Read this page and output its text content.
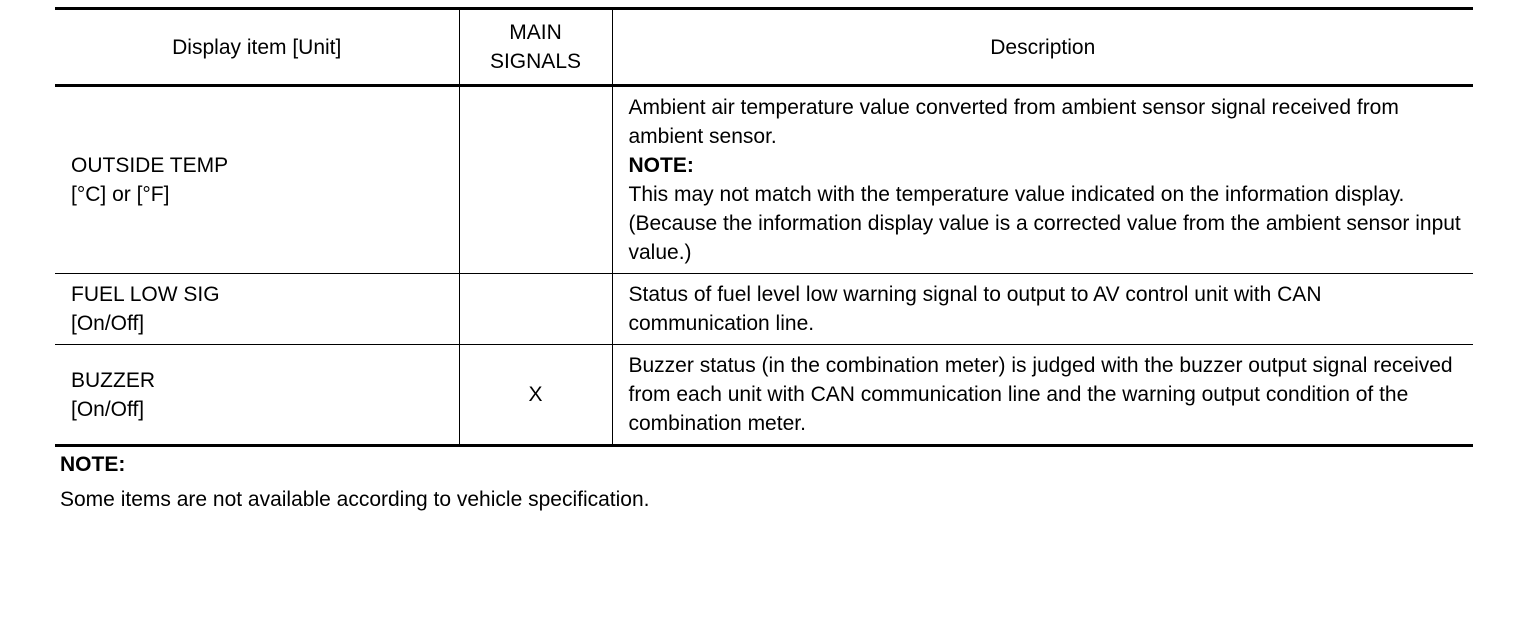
Display item [Unit]	MAIN
SIGNALS	Description

OUTSIDE TEMP
[°C] or [°F]		Ambient air temperature value converted from ambient sensor signal received from ambient sensor.
NOTE:
This may not match with the temperature value indicated on the information display. (Because the information display value is a corrected value from the ambient sensor input value.)

FUEL LOW SIG
[On/Off]		Status of fuel level low warning signal to output to AV control unit with CAN communication line.

BUZZER
[On/Off]	X	Buzzer status (in the combination meter) is judged with the buzzer output signal received from each unit with CAN communication line and the warning output condition of the combination meter.
NOTE:
Some items are not available according to vehicle specification.
